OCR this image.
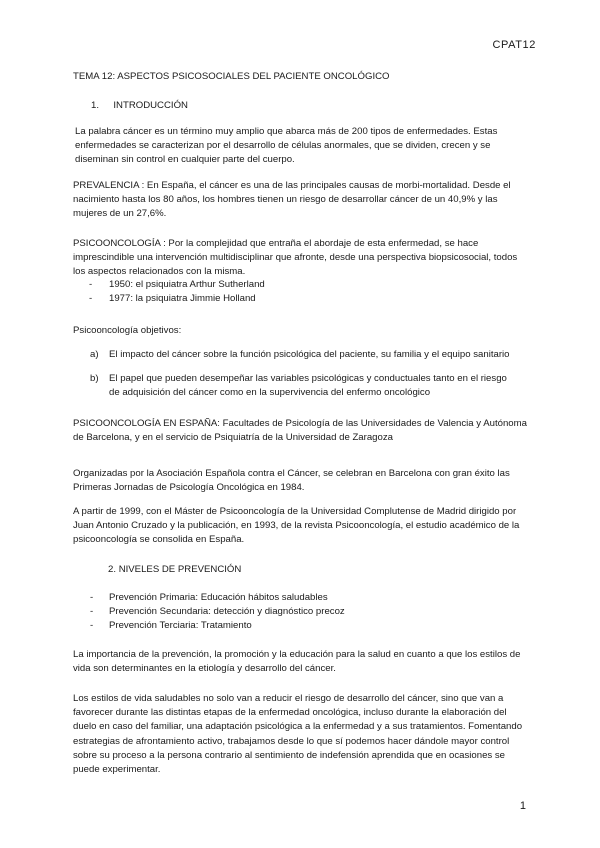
CPAT12
TEMA 12: ASPECTOS PSICOSOCIALES DEL PACIENTE ONCOLÓGICO
1. INTRODUCCIÓN
La palabra cáncer es un término muy amplio que abarca más de 200 tipos de enfermedades. Estas enfermedades se caracterizan por el desarrollo de células anormales, que se dividen, crecen y se diseminan sin control en cualquier parte del cuerpo.
PREVALENCIA : En España, el cáncer es una de las principales causas de morbi-mortalidad. Desde el nacimiento hasta los 80 años, los hombres tienen un riesgo de desarrollar cáncer de un 40,9% y las mujeres de un 27,6%.
PSICOONCOLOGÍA : Por la complejidad que entraña el abordaje de esta enfermedad, se hace imprescindible una intervención multidisciplinar que afronte, desde una perspectiva biopsicosocial, todos los aspectos relacionados con la misma.
-	1950: el psiquiatra Arthur Sutherland
-	1977: la psiquiatra Jimmie Holland
Psicooncología objetivos:
a)	El impacto del cáncer sobre la función psicológica del paciente, su familia y el equipo sanitario
b)	El papel que pueden desempeñar las variables psicológicas y conductuales tanto en el riesgo de adquisición del cáncer como en la supervivencia del enfermo oncológico
PSICOONCOLOGÍA EN ESPAÑA: Facultades de Psicología de las Universidades de Valencia y Autónoma de Barcelona, y en el servicio de Psiquiatría de la Universidad de Zaragoza
Organizadas por la Asociación Española contra el Cáncer, se celebran en Barcelona con gran éxito las Primeras Jornadas de Psicología Oncológica en 1984.
A partir de 1999, con el Máster de Psicooncología de la Universidad Complutense de Madrid dirigido por Juan Antonio Cruzado y la publicación, en 1993, de la revista Psicooncología, el estudio académico de la psicooncología se consolida en España.
2. NIVELES DE PREVENCIÓN
-	Prevención Primaria: Educación hábitos saludables
-	Prevención Secundaria: detección y diagnóstico precoz
-	Prevención Terciaria: Tratamiento
La importancia de la prevención, la promoción y la educación para la salud en cuanto a que los estilos de vida son determinantes en la etiología y desarrollo del cáncer.
Los estilos de vida saludables no solo van a reducir el riesgo de desarrollo del cáncer, sino que van a favorecer durante las distintas etapas de la enfermedad oncológica, incluso durante la elaboración del duelo en caso del familiar, una adaptación psicológica a la enfermedad y a sus tratamientos. Fomentando estrategias de afrontamiento activo, trabajamos desde lo que sí podemos hacer dándole mayor control sobre su proceso a la persona contrario al sentimiento de indefensión aprendida que en ocasiones se puede experimentar.
1
